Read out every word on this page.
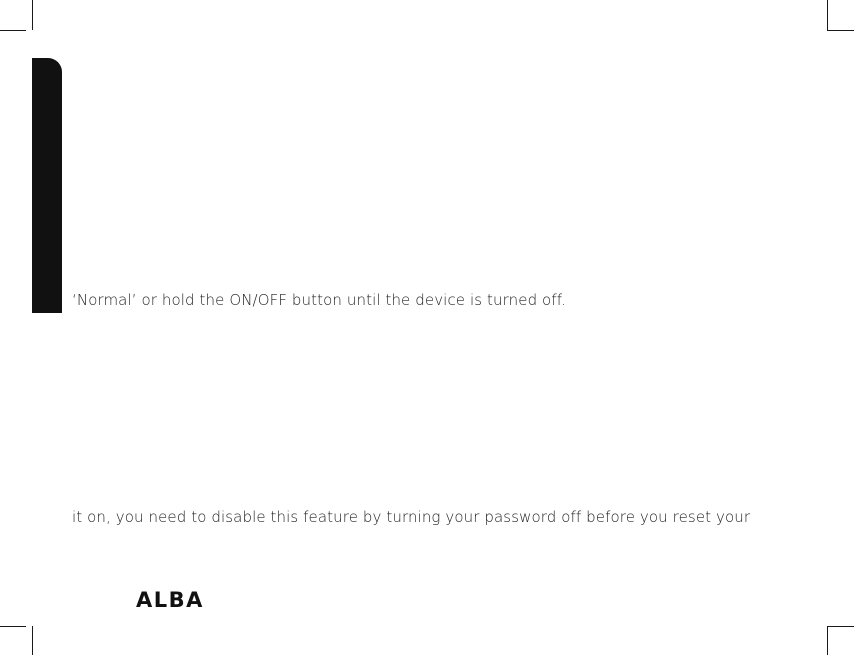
‘Normal’ or hold the ON/OFF button until the device is turned off.
it on, you need to disable this feature by turning your password off before you reset your
ALBA
